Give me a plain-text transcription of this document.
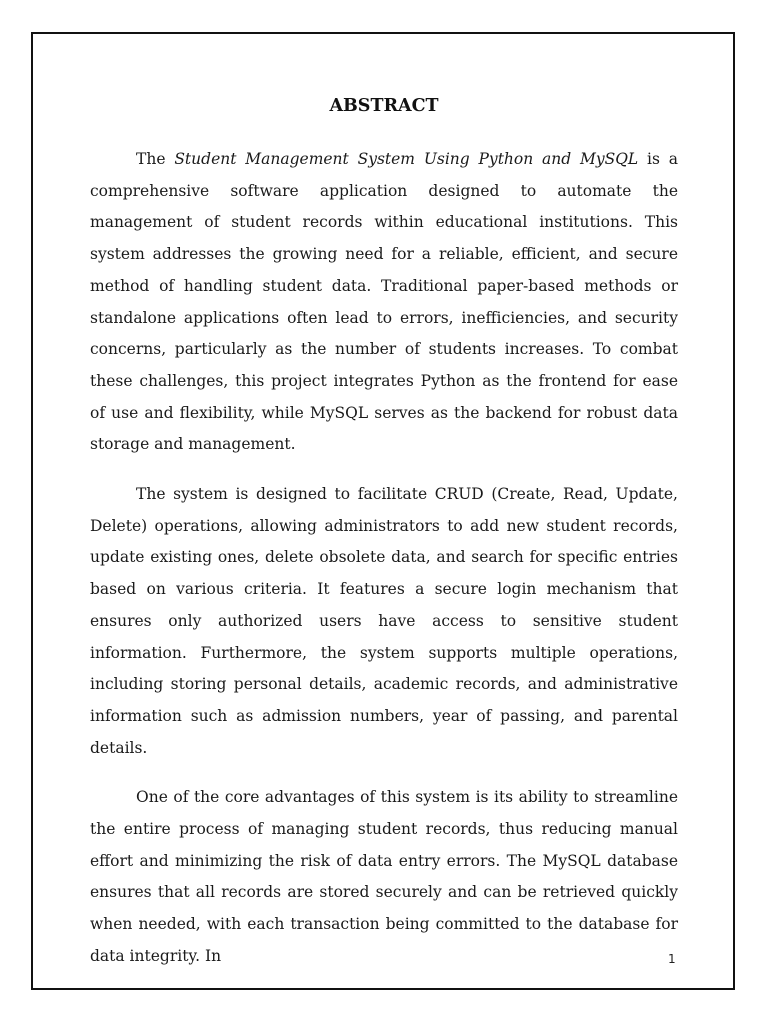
ABSTRACT

The Student Management System Using Python and MySQL is a comprehensive software application designed to automate the management of student records within educational institutions. This system addresses the growing need for a reliable, efficient, and secure method of handling student data. Traditional paper-based methods or standalone applications often lead to errors, inefficiencies, and security concerns, particularly as the number of students increases. To combat these challenges, this project integrates Python as the frontend for ease of use and flexibility, while MySQL serves as the backend for robust data storage and management.

The system is designed to facilitate CRUD (Create, Read, Update, Delete) operations, allowing administrators to add new student records, update existing ones, delete obsolete data, and search for specific entries based on various criteria. It features a secure login mechanism that ensures only authorized users have access to sensitive student information. Furthermore, the system supports multiple operations, including storing personal details, academic records, and administrative information such as admission numbers, year of passing, and parental details.

One of the core advantages of this system is its ability to streamline the entire process of managing student records, thus reducing manual effort and minimizing the risk of data entry errors. The MySQL database ensures that all records are stored securely and can be retrieved quickly when needed, with each transaction being committed to the database for data integrity. In	1
